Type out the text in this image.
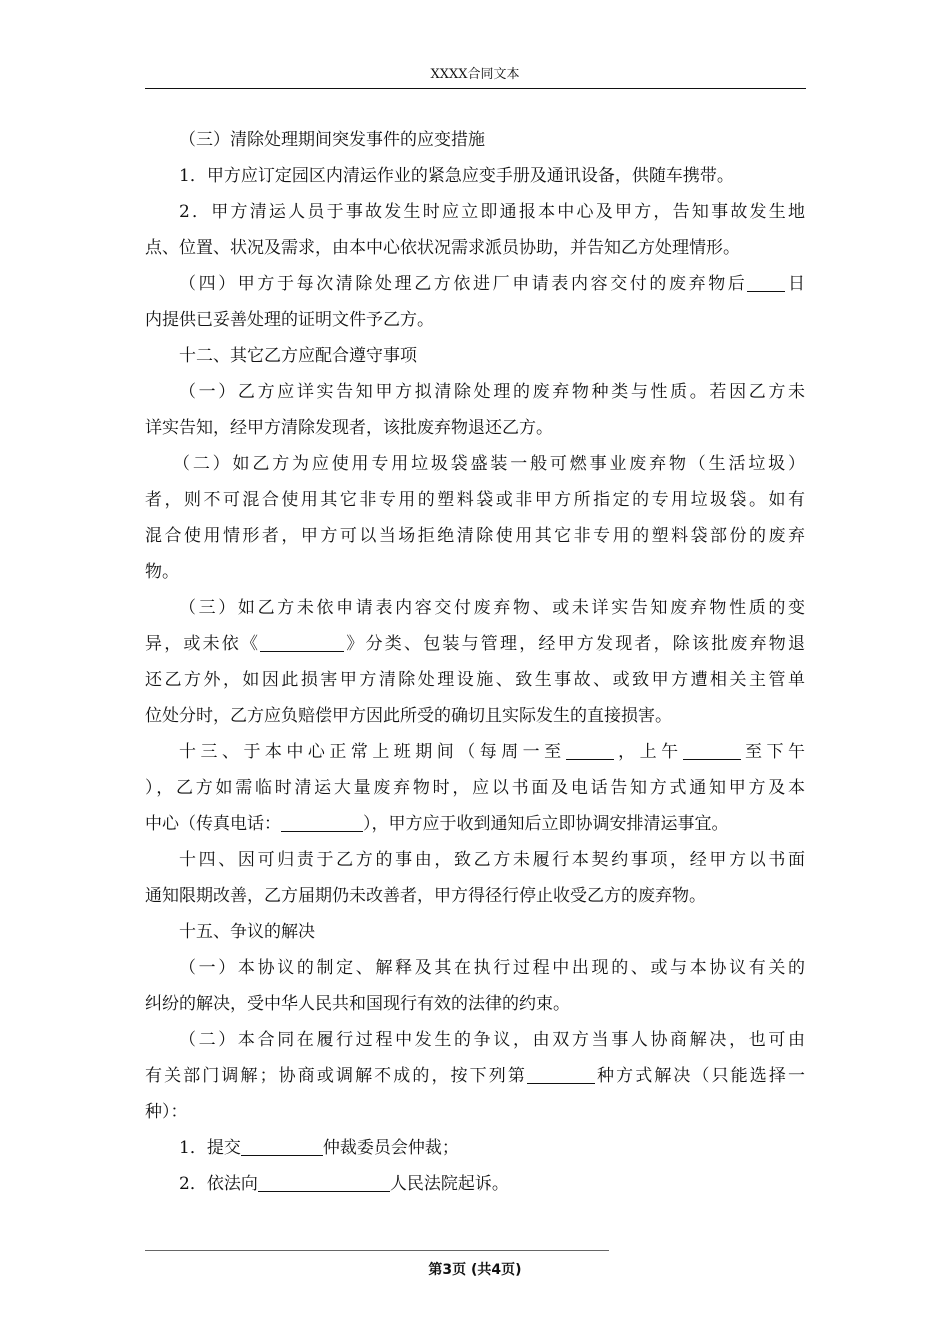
XXXX合同文本

（三）清除处理期间突发事件的应变措施

1．甲方应订定园区内清运作业的紧急应变手册及通讯设备，供随车携带。

2．甲方清运人员于事故发生时应立即通报本中心及甲方，告知事故发生地

点、位置、状况及需求，由本中心依状况需求派员协助，并告知乙方处理情形。

（四）甲方于每次清除处理乙方依进厂申请表内容交付的废弃物后 日

内提供已妥善处理的证明文件予乙方。

十二、其它乙方应配合遵守事项

（一）乙方应详实告知甲方拟清除处理的废弃物种类与性质。若因乙方未

详实告知，经甲方清除发现者，该批废弃物退还乙方。

（二）如乙方为应使用专用垃圾袋盛装一般可燃事业废弃物（生活垃圾）

者，则不可混合使用其它非专用的塑料袋或非甲方所指定的专用垃圾袋。如有

混合使用情形者，甲方可以当场拒绝清除使用其它非专用的塑料袋部份的废弃

物。

（三）如乙方未依申请表内容交付废弃物、或未详实告知废弃物性质的变

异，或未依《	》分类、包装与管理，经甲方发现者，除该批废弃物退

还乙方外，如因此损害甲方清除处理设施、致生事故、或致甲方遭相关主管单

位处分时，乙方应负赔偿甲方因此所受的确切且实际发生的直接损害。

十三、于本中心正常上班期间（每周一至	，上午	至下午

），乙方如需临时清运大量废弃物时，应以书面及电话告知方式通知甲方及本

中心（传真电话：	），甲方应于收到通知后立即协调安排清运事宜。

十四、因可归责于乙方的事由，致乙方未履行本契约事项，经甲方以书面

通知限期改善，乙方届期仍未改善者，甲方得径行停止收受乙方的废弃物。

十五、争议的解决

（一）本协议的制定、解释及其在执行过程中出现的、或与本协议有关的

纠纷的解决，受中华人民共和国现行有效的法律的约束。

（二）本合同在履行过程中发生的争议，由双方当事人协商解决，也可由

有关部门调解；协商或调解不成的，按下列第	种方式解决（只能选择一

种）：

1．提交	仲裁委员会仲裁；

2．依法向	人民法院起诉。

第3页 (共4页)
